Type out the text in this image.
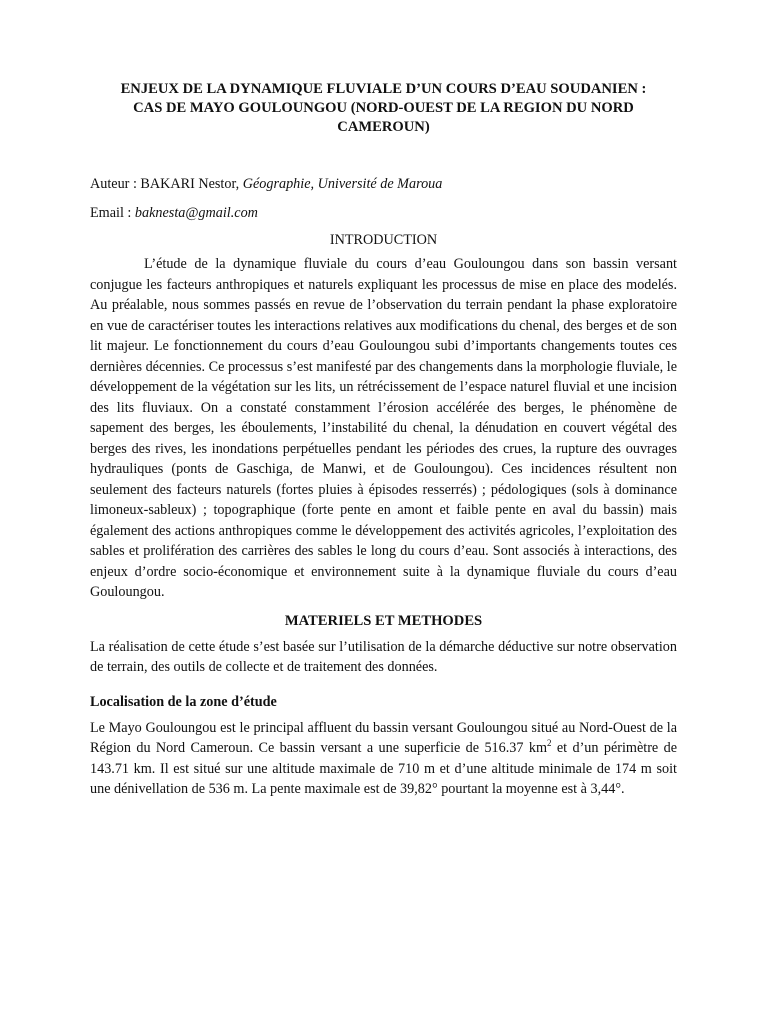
ENJEUX DE LA DYNAMIQUE FLUVIALE D’UN COURS D’EAU SOUDANIEN :
CAS DE MAYO GOULOUNGOU (NORD-OUEST DE LA REGION DU NORD
CAMEROUN)

Auteur : BAKARI Nestor, Géographie, Université de Maroua

Email : baknesta@gmail.com

INTRODUCTION

L’étude de la dynamique fluviale du cours d’eau Gouloungou dans son bassin versant conjugue les facteurs anthropiques et naturels expliquant les processus de mise en place des modelés. Au préalable, nous sommes passés en revue de l’observation du terrain pendant la phase exploratoire en vue de caractériser toutes les interactions relatives aux modifications du chenal, des berges et de son lit majeur. Le fonctionnement du cours d’eau Gouloungou subi d’importants changements toutes ces dernières décennies. Ce processus s’est manifesté par des changements dans la morphologie fluviale, le développement de la végétation sur les lits, un rétrécissement de l’espace naturel fluvial et une incision des lits fluviaux. On a constaté constamment l’érosion accélérée des berges, le phénomène de sapement des berges, les éboulements, l’instabilité du chenal, la dénudation en couvert végétal des berges des rives, les inondations perpétuelles pendant les périodes des crues, la rupture des ouvrages hydrauliques (ponts de Gaschiga, de Manwi, et de Gouloungou). Ces incidences résultent non seulement des facteurs naturels (fortes pluies à épisodes resserrés) ; pédologiques (sols à dominance limoneux-sableux) ; topographique (forte pente en amont et faible pente en aval du bassin) mais également des actions anthropiques comme le développement des activités agricoles, l’exploitation des sables et prolifération des carrières des sables le long du cours d’eau. Sont associés à interactions, des enjeux d’ordre socio-économique et environnement suite à la dynamique fluviale du cours d’eau Gouloungou.

MATERIELS ET METHODES

La réalisation de cette étude s’est basée sur l’utilisation de la démarche déductive sur notre observation de terrain, des outils de collecte et de traitement des données.

Localisation de la zone d’étude

Le Mayo Gouloungou est le principal affluent du bassin versant Gouloungou situé au Nord-Ouest de la Région du Nord Cameroun. Ce bassin versant a une superficie de 516.37 $km^2$ et d’un périmètre de 143.71 km. Il est situé sur une altitude maximale de 710 m et d’une altitude minimale de 174 m soit une dénivellation de 536 m. La pente maximale est de 39,82° pourtant la moyenne est à 3,44°.
